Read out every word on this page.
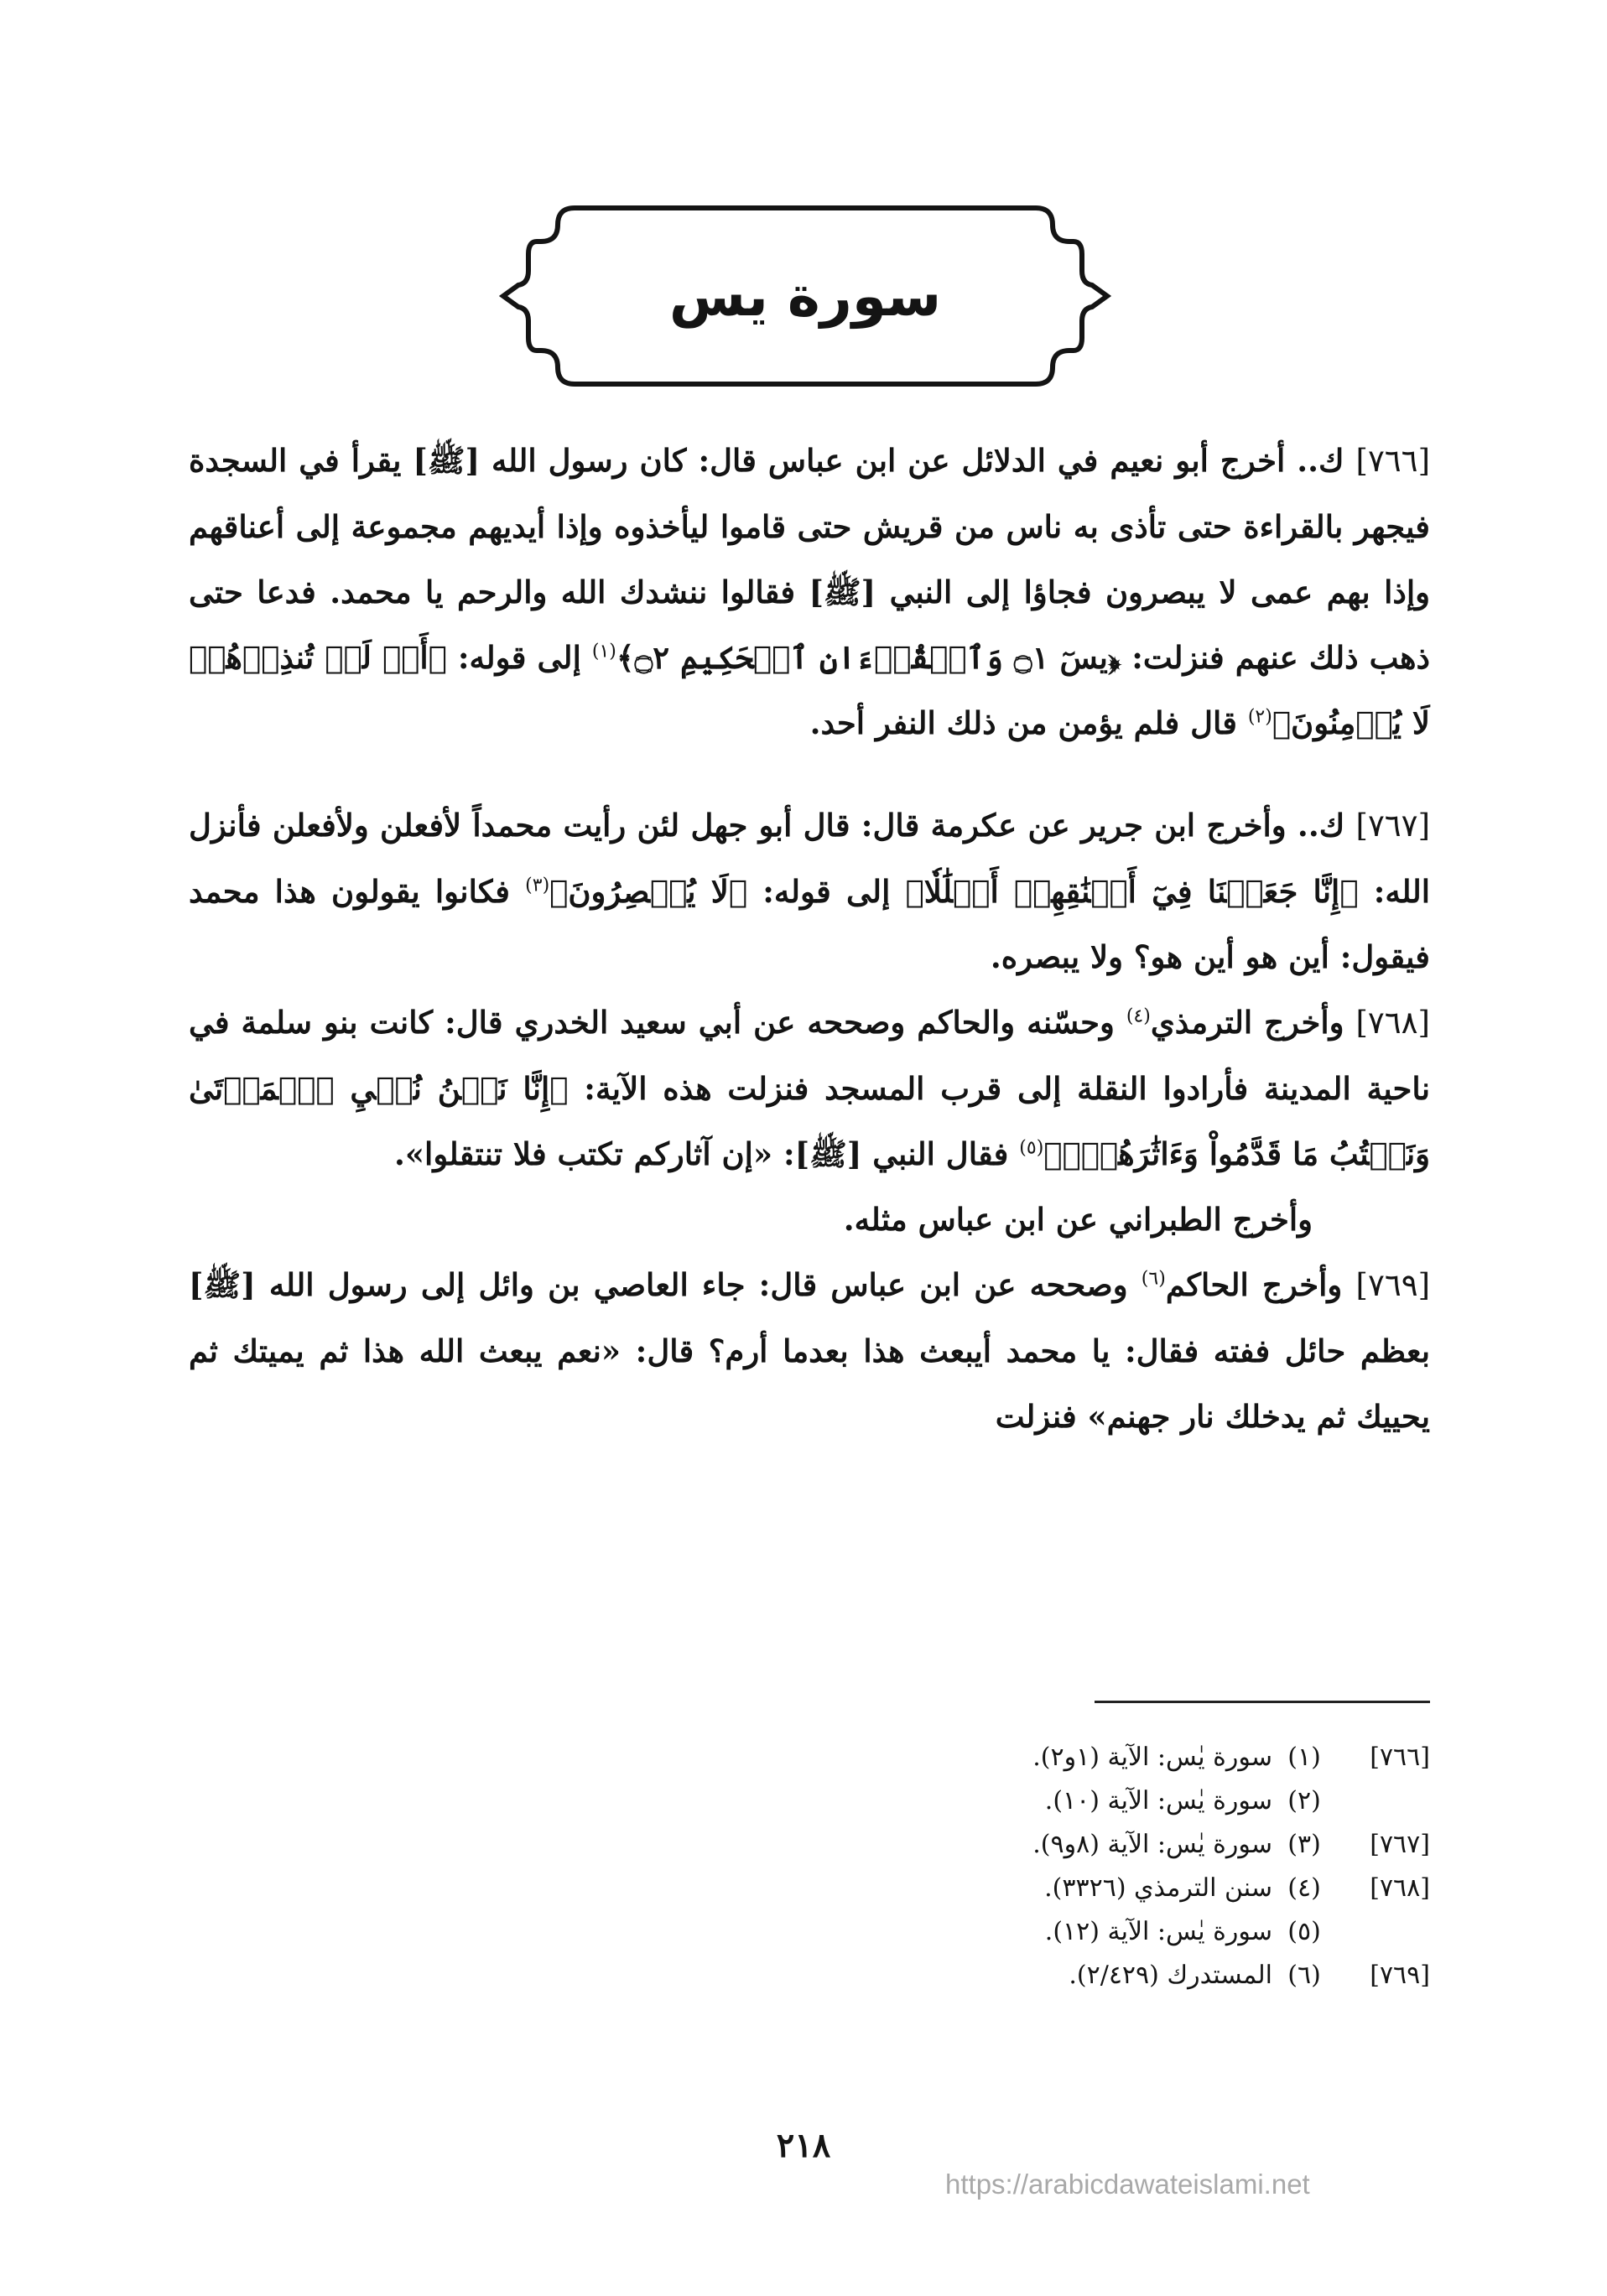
سورة يس

[٧٦٦] ك.. أخرج أبو نعيم في الدلائل عن ابن عباس قال: كان رسول الله [ﷺ] يقرأ في السجدة فيجهر بالقراءة حتى تأذى به ناس من قريش حتى قاموا ليأخذوه وإذا أيديهم مجموعة إلى أعناقهم وإذا بهم عمى لا يبصرون فجاؤا إلى النبي [ﷺ] فقالوا ننشدك الله والرحم يا محمد. فدعا حتى ذهب ذلك عنهم فنزلت: ﴿يسٓ ۝١ وَٱلۡقُرۡءَانِ ٱلۡحَكِيمِ ۝٢﴾$^{(١)}$ إلى قوله: ﴿أَمۡ لَمۡ تُنذِرۡهُمۡ لَا يُؤۡمِنُونَ﴾$^{(٢)}$ قال فلم يؤمن من ذلك النفر أحد.

[٧٦٧] ك.. وأخرج ابن جرير عن عكرمة قال: قال أبو جهل لئن رأيت محمداً لأفعلن ولأفعلن فأنزل الله: ﴿إِنَّا جَعَلۡنَا فِيٓ أَعۡنَٰقِهِمۡ أَغۡلَٰلٗا﴾ إلى قوله: ﴿لَا يُبۡصِرُونَ﴾$^{(٣)}$ فكانوا يقولون هذا محمد فيقول: أين هو أين هو؟ ولا يبصره.

[٧٦٨] وأخرج الترمذي$^{(٤)}$ وحسّنه والحاكم وصححه عن أبي سعيد الخدري قال: كانت بنو سلمة في ناحية المدينة فأرادوا النقلة إلى قرب المسجد فنزلت هذه الآية: ﴿إِنَّا نَحۡنُ نُحۡيِ ٱلۡمَوۡتَىٰ وَنَكۡتُبُ مَا قَدَّمُواْ وَءَاثَٰرَهُمۡۚ﴾$^{(٥)}$ فقال النبي [ﷺ]: «إن آثاركم تكتب فلا تنتقلوا».

وأخرج الطبراني عن ابن عباس مثله.

[٧٦٩] وأخرج الحاكم$^{(٦)}$ وصححه عن ابن عباس قال: جاء العاصي بن وائل إلى رسول الله [ﷺ] بعظم حائل ففته فقال: يا محمد أيبعث هذا بعدما أرم؟ قال: «نعم يبعث الله هذا ثم يميتك ثم يحييك ثم يدخلك نار جهنم» فنزلت

[٧٦٦]
(١)
سورة يٰس: الآية (١و٢).
(٢)
سورة يٰس: الآية (١٠).
[٧٦٧]
(٣)
سورة يٰس: الآية (٨و٩).
[٧٦٨]
(٤)
سنن الترمذي (٣٣٢٦).
(٥)
سورة يٰس: الآية (١٢).
[٧٦٩]
(٦)
المستدرك (٢/٤٢٩).
٢١٨
https://arabicdawateislami.net
